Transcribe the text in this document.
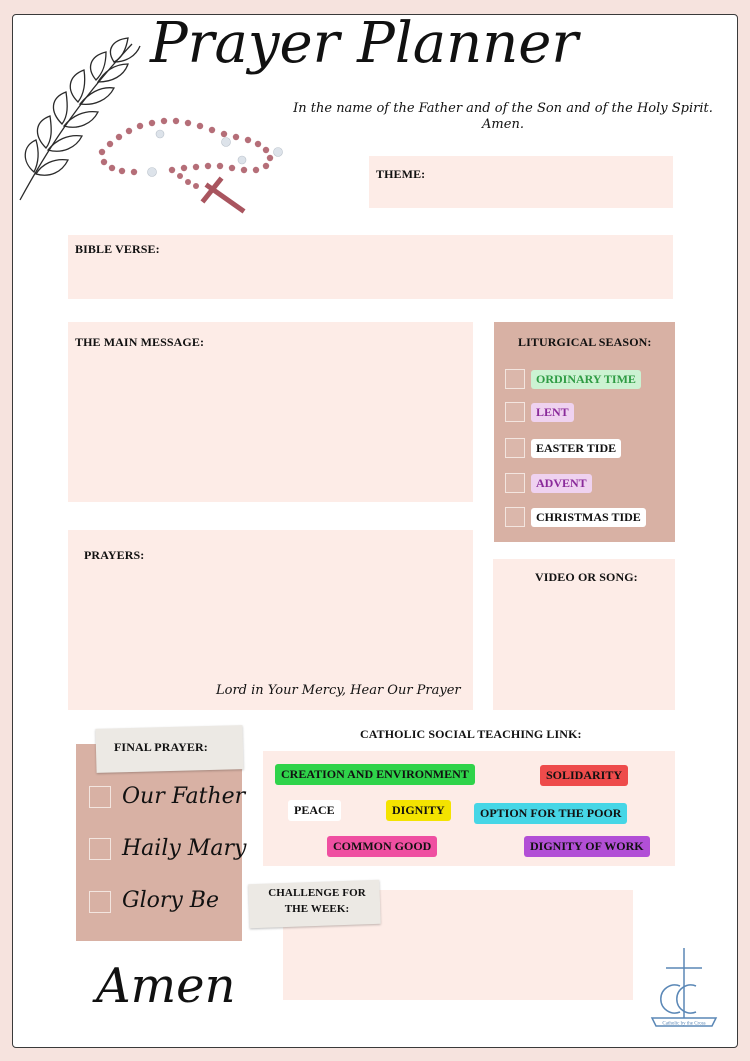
Prayer Planner
In the name of the Father and of the Son and of the Holy Spirit.
Amen.
THEME:
BIBLE VERSE:
THE MAIN MESSAGE:	LITURGICAL SEASON:
ORDINARY TIME
LENT
EASTER TIDE
ADVENT
CHRISTMAS TIDE
PRAYERS:
Lord in Your Mercy, Hear Our Prayer
VIDEO OR SONG:
FINAL PRAYER:
Our Father
Haily Mary
Glory Be
CATHOLIC SOCIAL TEACHING LINK:
CREATION AND ENVIRONMENT	SOLIDARITY
PEACE	DIGNITY	OPTION FOR THE POOR
COMMON GOOD	DIGNITY OF WORK
CHALLENGE FOR
THE WEEK:
Amen
Catholic by the Cross
